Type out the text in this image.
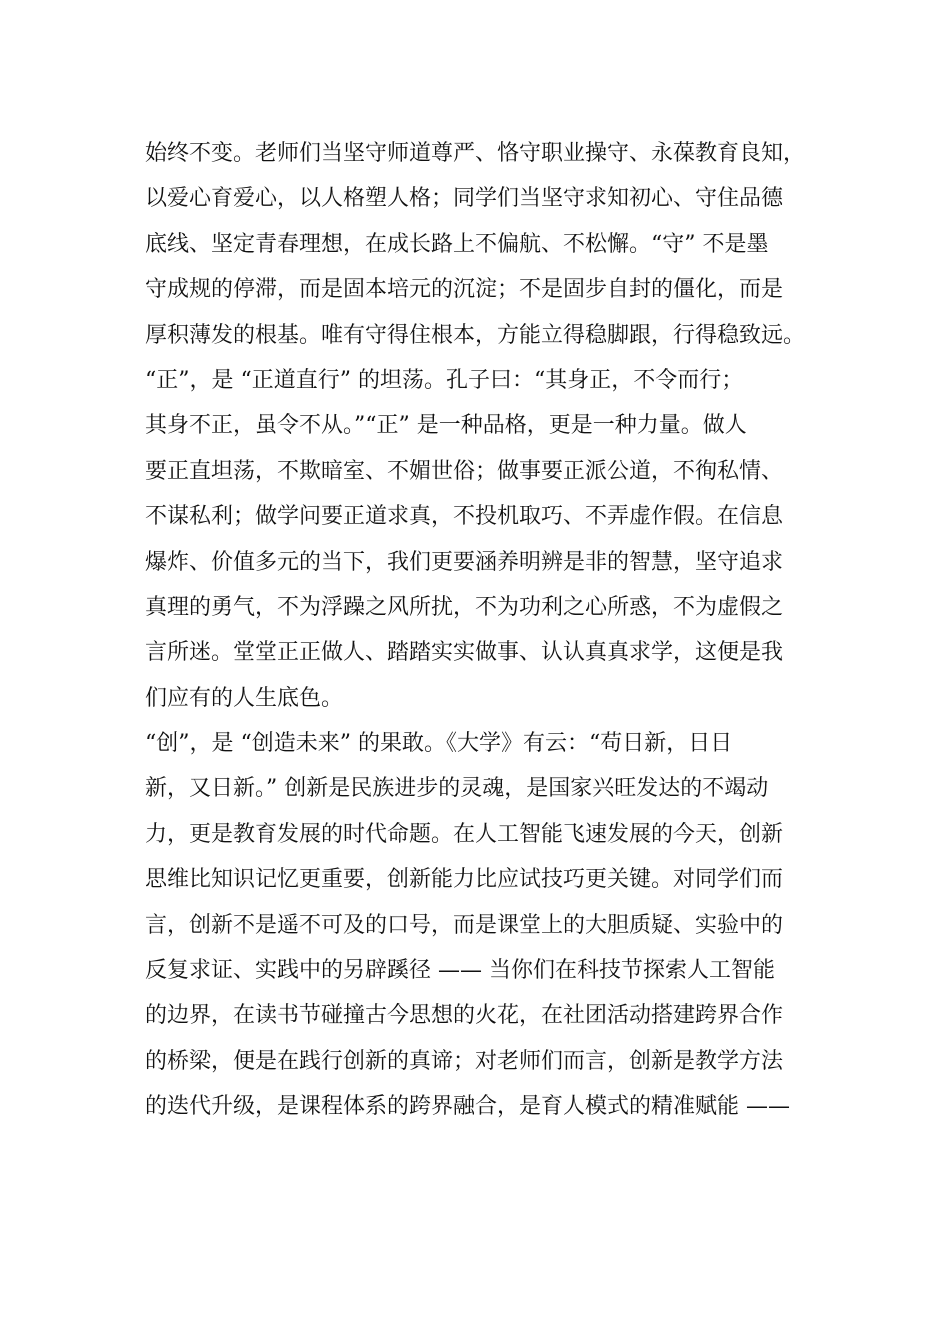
始终不变。老师们当坚守师道尊严、恪守职业操守、永葆教育良知，
以爱心育爱心，以人格塑人格；同学们当坚守求知初心、守住品德
底线、坚定青春理想，在成长路上不偏航、不松懈。“守” 不是墨
守成规的停滞，而是固本培元的沉淀；不是固步自封的僵化，而是
厚积薄发的根基。唯有守得住根本，方能立得稳脚跟，行得稳致远。
“正”，是 “正道直行” 的坦荡。孔子曰：“其身正，不令而行；
其身不正，虽令不从。”“正” 是一种品格，更是一种力量。做人
要正直坦荡，不欺暗室、不媚世俗；做事要正派公道，不徇私情、
不谋私利；做学问要正道求真，不投机取巧、不弄虚作假。在信息
爆炸、价值多元的当下，我们更要涵养明辨是非的智慧，坚守追求
真理的勇气，不为浮躁之风所扰，不为功利之心所惑，不为虚假之
言所迷。堂堂正正做人、踏踏实实做事、认认真真求学，这便是我
们应有的人生底色。
“创”，是 “创造未来” 的果敢。《大学》有云：“苟日新，日日
新，又日新。” 创新是民族进步的灵魂，是国家兴旺发达的不竭动
力，更是教育发展的时代命题。在人工智能飞速发展的今天，创新
思维比知识记忆更重要，创新能力比应试技巧更关键。对同学们而
言，创新不是遥不可及的口号，而是课堂上的大胆质疑、实验中的
反复求证、实践中的另辟蹊径 —— 当你们在科技节探索人工智能
的边界，在读书节碰撞古今思想的火花，在社团活动搭建跨界合作
的桥梁，便是在践行创新的真谛；对老师们而言，创新是教学方法
的迭代升级，是课程体系的跨界融合，是育人模式的精准赋能 ——
